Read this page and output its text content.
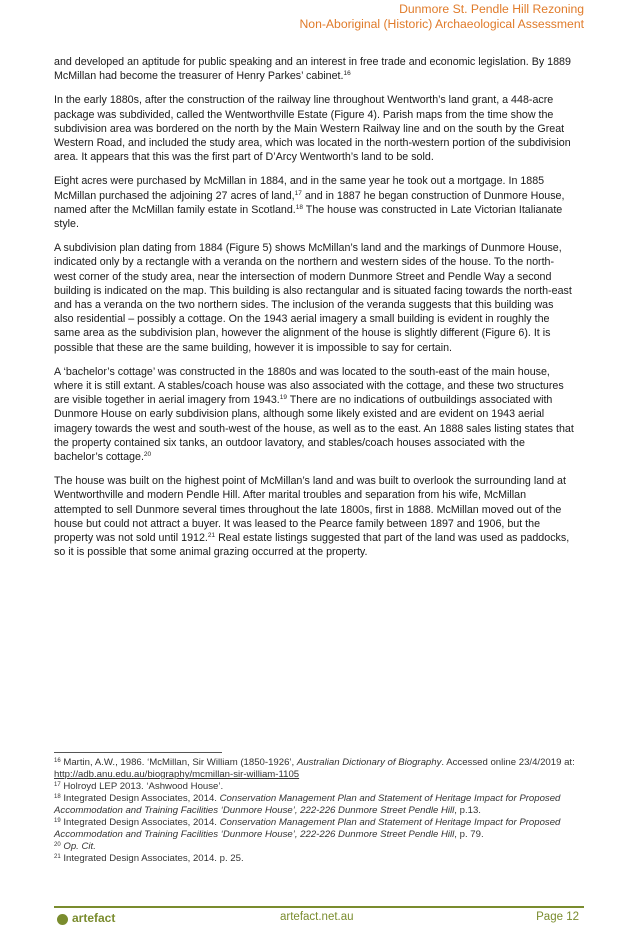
Dunmore St. Pendle Hill Rezoning
Non-Aboriginal (Historic) Archaeological Assessment

and developed an aptitude for public speaking and an interest in free trade and economic legislation. By 1889 McMillan had become the treasurer of Henry Parkes’ cabinet.$^{16}$

In the early 1880s, after the construction of the railway line throughout Wentworth’s land grant, a 448-acre package was subdivided, called the Wentworthville Estate (Figure 4). Parish maps from the time show the subdivision area was bordered on the north by the Main Western Railway line and on the south by the Great Western Road, and included the study area, which was located in the north-western portion of the subdivision area. It appears that this was the first part of D’Arcy Wentworth’s land to be sold.

Eight acres were purchased by McMillan in 1884, and in the same year he took out a mortgage. In 1885 McMillan purchased the adjoining 27 acres of land,$^{17}$ and in 1887 he began construction of Dunmore House, named after the McMillan family estate in Scotland.$^{18}$ The house was constructed in Late Victorian Italianate style.

A subdivision plan dating from 1884 (Figure 5) shows McMillan’s land and the markings of Dunmore House, indicated only by a rectangle with a veranda on the northern and western sides of the house. To the north-west corner of the study area, near the intersection of modern Dunmore Street and Pendle Way a second building is indicated on the map. This building is also rectangular and is situated facing towards the north-east and has a veranda on the two northern sides. The inclusion of the veranda suggests that this building was also residential – possibly a cottage. On the 1943 aerial imagery a small building is evident in roughly the same area as the subdivision plan, however the alignment of the house is slightly different (Figure 6). It is possible that these are the same building, however it is impossible to say for certain.

A ‘bachelor’s cottage’ was constructed in the 1880s and was located to the south-east of the main house, where it is still extant. A stables/coach house was also associated with the cottage, and these two structures are visible together in aerial imagery from 1943.19 There are no indications of outbuildings associated with Dunmore House on early subdivision plans, although some likely existed and are evident on 1943 aerial imagery towards the west and south-west of the house, as well as to the east. An 1888 sales listing states that the property contained six tanks, an outdoor lavatory, and stables/coach houses associated with the bachelor’s cottage.$^{20}$

The house was built on the highest point of McMillan’s land and was built to overlook the surrounding land at Wentworthville and modern Pendle Hill. After marital troubles and separation from his wife, McMillan attempted to sell Dunmore several times throughout the late 1800s, first in 1888. McMillan moved out of the house but could not attract a buyer. It was leased to the Pearce family between 1897 and 1906, but the property was not sold until 1912.21 Real estate listings suggested that part of the land was used as paddocks, so it is possible that some animal grazing occurred at the property.

$^{16}$ Martin, A.W., 1986. ‘McMillan, Sir William (1850-1926’, Australian Dictionary of Biography. Accessed online 23/4/2019 at: http://adb.anu.edu.au/biography/mcmillan-sir-william-1105

$^{17}$ Holroyd LEP 2013. ‘Ashwood House’.

$^{18}$ Integrated Design Associates, 2014. Conservation Management Plan and Statement of Heritage Impact for Proposed Accommodation and Training Facilities ‘Dunmore House’, 222-226 Dunmore Street Pendle Hill, p.13.

$^{19}$ Integrated Design Associates, 2014. Conservation Management Plan and Statement of Heritage Impact for Proposed Accommodation and Training Facilities ‘Dunmore House’, 222-226 Dunmore Street Pendle Hill, p. 79.

$^{20}$ Op. Cit.

$^{21}$ Integrated Design Associates, 2014. p. 25.

artefact	artefact.net.au	Page 12
